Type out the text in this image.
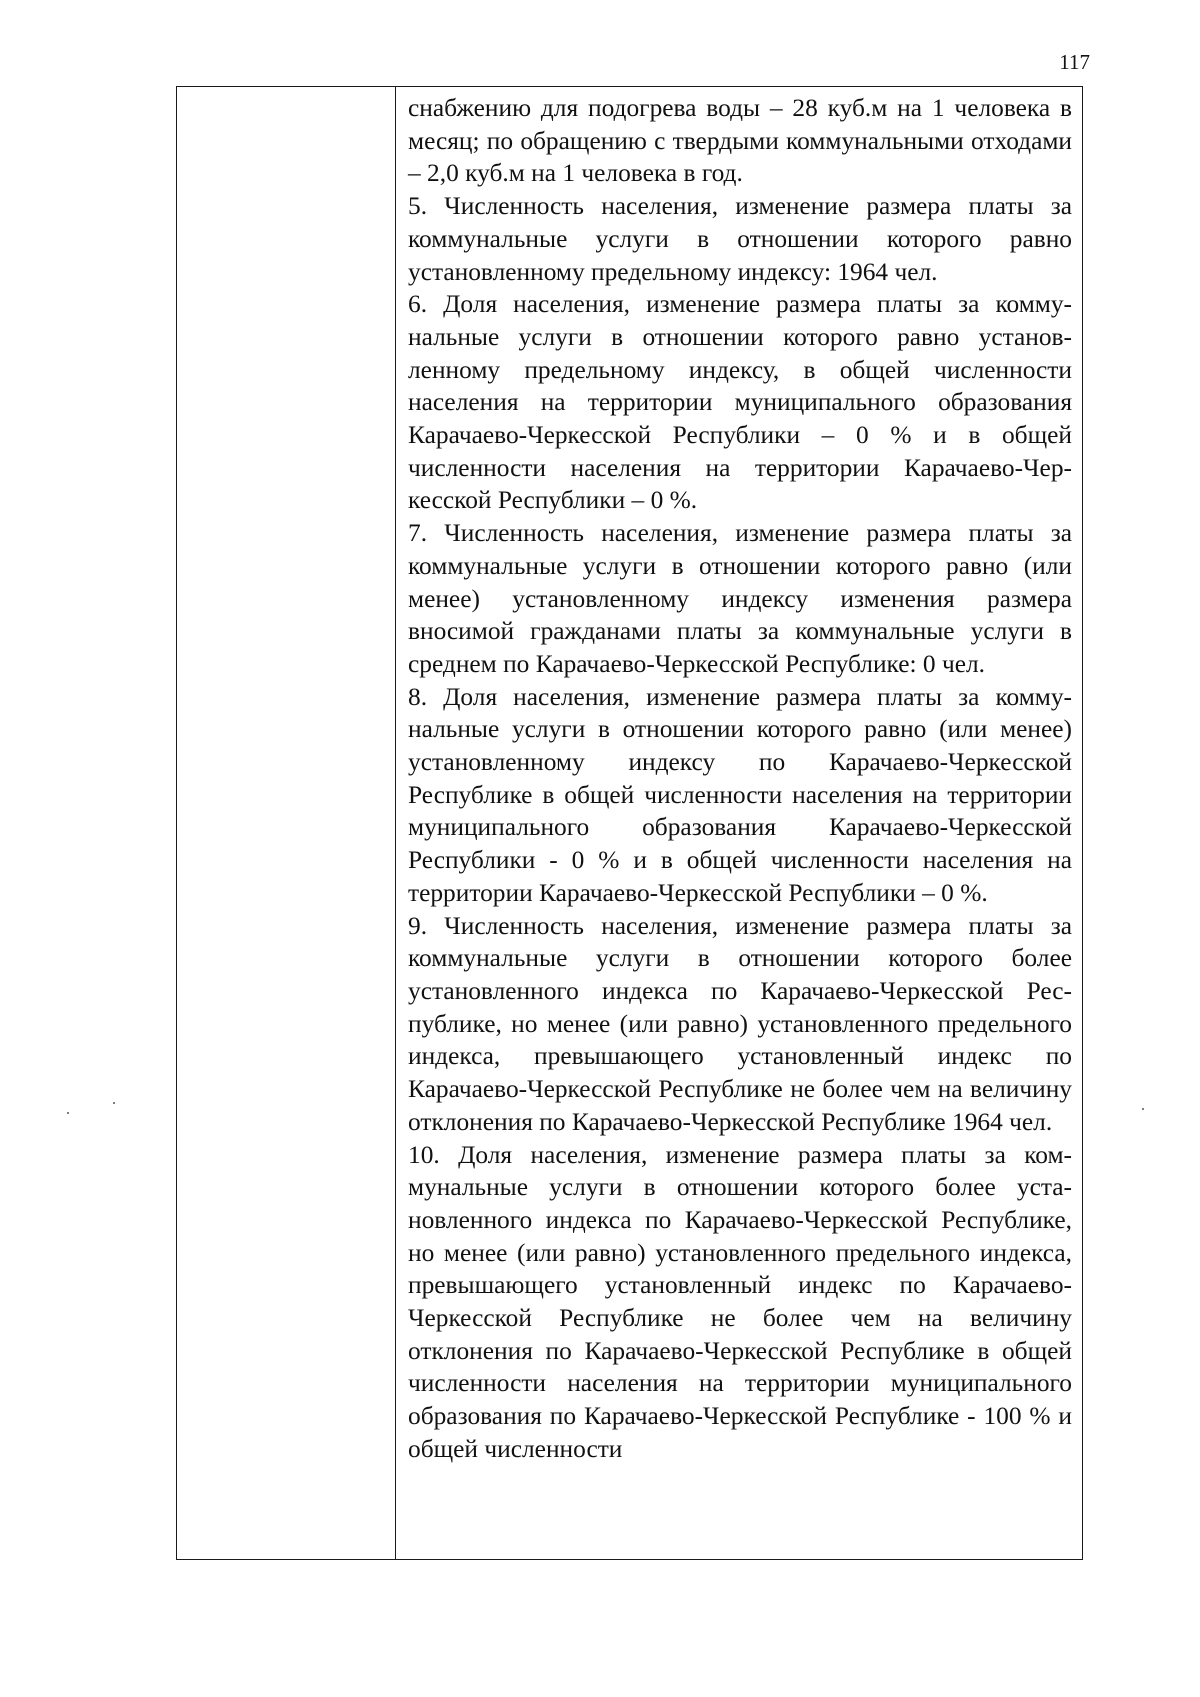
117

снабжению для подогрева воды – 28 куб.м на 1 человека в месяц; по обращению с твердыми коммунальными отходами – 2,0 куб.м на 1 человека в год.

5. Численность населения, изменение размера платы за коммунальные услуги в отношении которого равно установленному предельному индексу: 1964 чел.

6. Доля населения, изменение размера платы за коммунальные услуги в отношении которого равно установленному предельному индексу, в общей численности населения на территории муниципального образования Карачаево-Черкесской Республики – 0 % и в общей численности населения на территории Карачаево-Черкесской Республики – 0 %.

7. Численность населения, изменение размера платы за коммунальные услуги в отношении которого равно (или менее) установленному индексу изменения размера вносимой гражданами платы за коммунальные услуги в среднем по Карачаево-Черкесской Республике: 0 чел.

8. Доля населения, изменение размера платы за коммунальные услуги в отношении которого равно (или менее) установленному индексу по Карачаево-Черкесской Республике в общей численности населения на территории муниципального образования Карачаево-Черкесской Республики - 0 % и в общей численности населения на территории Карачаево-Черкесской Республики – 0 %.

9. Численность населения, изменение размера платы за коммунальные услуги в отношении которого более установленного индекса по Карачаево-Черкесской Республике, но менее (или равно) установленного предельного индекса, превышающего установленный индекс по Карачаево-Черкесской Республике не более чем на величину отклонения по Карачаево-Черкесской Республике 1964 чел.

10. Доля населения, изменение размера платы за коммунальные услуги в отношении которого более установленного индекса по Карачаево-Черкесской Республике, но менее (или равно) установленного предельного индекса, превышающего установленный индекс по Карачаево-Черкесской Республике не более чем на величину отклонения по Карачаево-Черкесской Республике в общей численности населения на территории муниципального образования по Карачаево-Черкесской Республике - 100 % и общей численности
